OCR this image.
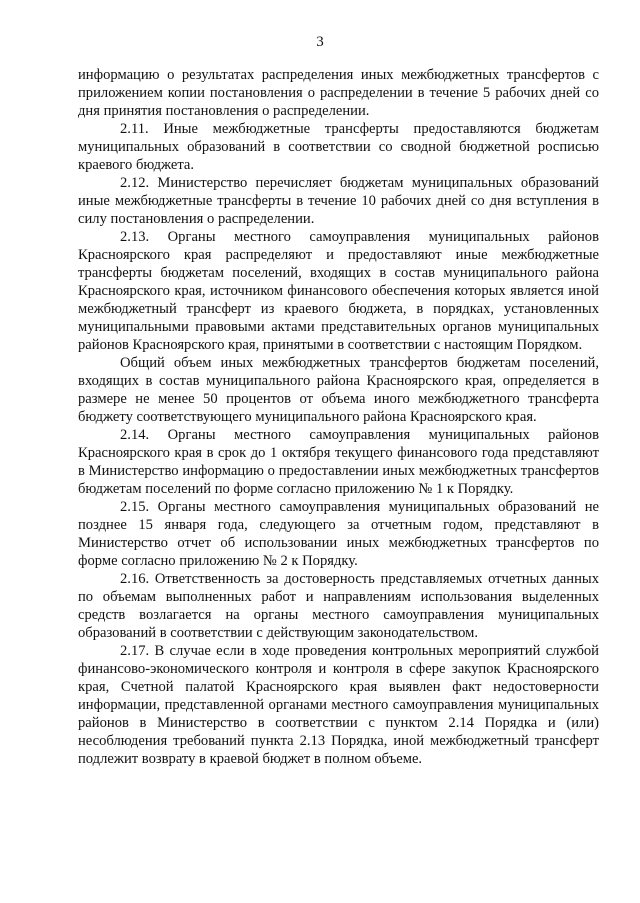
3

информацию о результатах распределения иных межбюджетных трансфертов с приложением копии постановления о распределении в течение 5 рабочих дней со дня принятия постановления о распределении.

2.11. Иные межбюджетные трансферты предоставляются бюджетам муниципальных образований в соответствии со сводной бюджетной росписью краевого бюджета.

2.12. Министерство перечисляет бюджетам муниципальных образований иные межбюджетные трансферты в течение 10 рабочих дней со дня вступления в силу постановления о распределении.

2.13. Органы местного самоуправления муниципальных районов Красноярского края распределяют и предоставляют иные межбюджетные трансферты бюджетам поселений, входящих в состав муниципального района Красноярского края, источником финансового обеспечения которых является иной межбюджетный трансферт из краевого бюджета, в порядках, установленных муниципальными правовыми актами представительных органов муниципальных районов Красноярского края, принятыми в соответствии с настоящим Порядком.

Общий объем иных межбюджетных трансфертов бюджетам поселений, входящих в состав муниципального района Красноярского края, определяется в размере не менее 50 процентов от объема иного межбюджетного трансферта бюджету соответствующего муниципального района Красноярского края.

2.14. Органы местного самоуправления муниципальных районов Красноярского края в срок до 1 октября текущего финансового года представляют в Министерство информацию о предоставлении иных межбюджетных трансфертов бюджетам поселений по форме согласно приложению № 1 к Порядку.

2.15. Органы местного самоуправления муниципальных образований не позднее 15 января года, следующего за отчетным годом, представляют в Министерство отчет об использовании иных межбюджетных трансфертов по форме согласно приложению № 2 к Порядку.

2.16. Ответственность за достоверность представляемых отчетных данных по объемам выполненных работ и направлениям использования выделенных средств возлагается на органы местного самоуправления муниципальных образований в соответствии с действующим законодательством.

2.17. В случае если в ходе проведения контрольных мероприятий службой финансово-экономического контроля и контроля в сфере закупок Красноярского края, Счетной палатой Красноярского края выявлен факт недостоверности информации, представленной органами местного самоуправления муниципальных районов в Министерство в соответствии с пунктом 2.14 Порядка и (или) несоблюдения требований пункта 2.13 Порядка, иной межбюджетный трансферт подлежит возврату в краевой бюджет в полном объеме.
